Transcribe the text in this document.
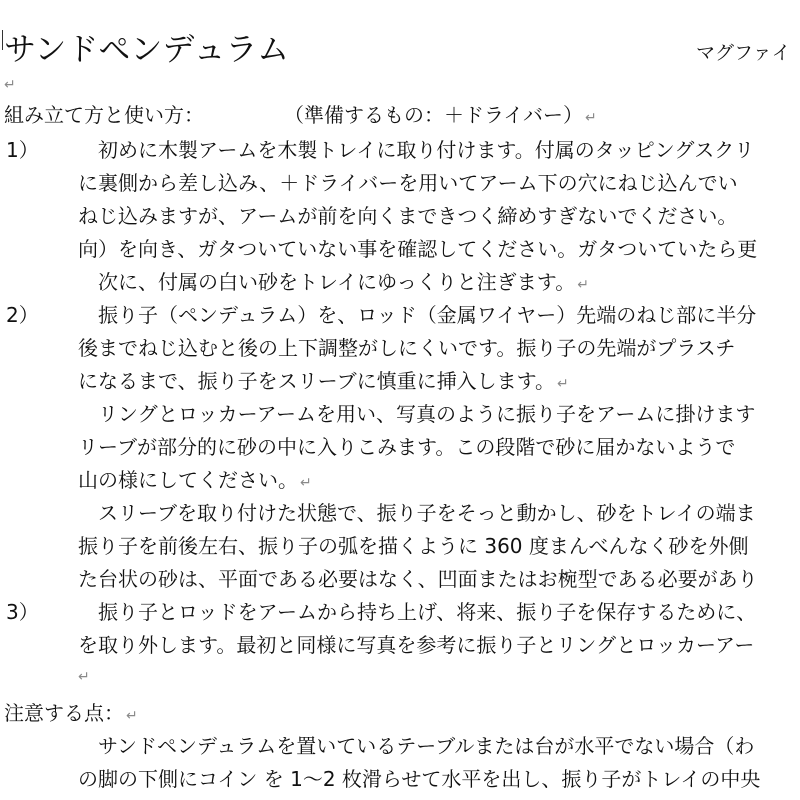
サンドペンデュラム	マグファイ
↵
組み立て方と使い方：	（準備するもの：＋ドライバー） ↵
1）	初めに木製アームを木製トレイに取り付けます。付属のタッピングスクリ
に裏側から差し込み、＋ドライバーを用いてアーム下の穴にねじ込んでい
ねじ込みますが、アームが前を向くまできつく締めすぎないでください。
向）を向き、ガタついていない事を確認してください。ガタついていたら更
次に、付属の白い砂をトレイにゆっくりと注ぎます。 ↵
2）	振り子（ペンデュラム）を、ロッド（金属ワイヤー）先端のねじ部に半分
後までねじ込むと後の上下調整がしにくいです。振り子の先端がプラスチ
になるまで、振り子をスリーブに慎重に挿入します。 ↵
リングとロッカーアームを用い、写真のように振り子をアームに掛けます
リーブが部分的に砂の中に入りこみます。この段階で砂に届かないようで
山の様にしてください。 ↵
スリーブを取り付けた状態で、振り子をそっと動かし、砂をトレイの端ま
振り子を前後左右、振り子の弧を描くように 360 度まんべんなく砂を外側
た台状の砂は、平面である必要はなく、凹面またはお椀型である必要があり
3）	振り子とロッドをアームから持ち上げ、将来、振り子を保存するために、
を取り外します。最初と同様に写真を参考に振り子とリングとロッカーアー
↵
注意する点： ↵
サンドペンデュラムを置いているテーブルまたは台が水平でない場合（わ
の脚の下側にコイン を 1〜2 枚滑らせて水平を出し、振り子がトレイの中央
